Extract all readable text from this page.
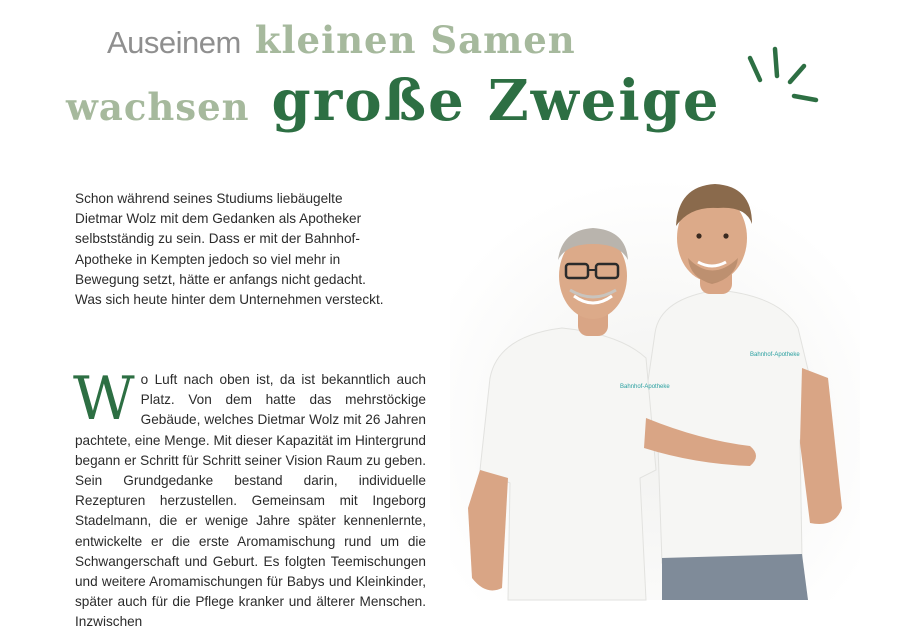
Auseinem kleinen Samen
wachsen große Zweige

Schon während seines Studiums liebäugelte Dietmar Wolz mit dem Gedanken als Apotheker selbstständig zu sein. Dass er mit der Bahnhof-Apotheke in Kempten jedoch so viel mehr in Bewegung setzt, hätte er anfangs nicht gedacht. Was sich heute hinter dem Unternehmen versteckt.

W o Luft nach oben ist, da ist bekanntlich auch Platz. Von dem hatte das mehrstöckige Gebäude, welches Dietmar Wolz mit 26 Jahren pachtete, eine Menge. Mit dieser Kapazität im Hintergrund begann er Schritt für Schritt seiner Vision Raum zu geben. Sein Grundgedanke bestand darin, individuelle Rezepturen herzustellen. Gemeinsam mit Ingeborg Stadelmann, die er wenige Jahre später kennenlernte, entwickelte er die erste Aromamischung rund um die Schwangerschaft und Geburt. Es folgten Teemischungen und weitere Aromamischungen für Babys und Kleinkinder, später auch für die Pflege kranker und älterer Menschen. Inzwischen

Bahnhof-Apotheke
Bahnhof-Apotheke
